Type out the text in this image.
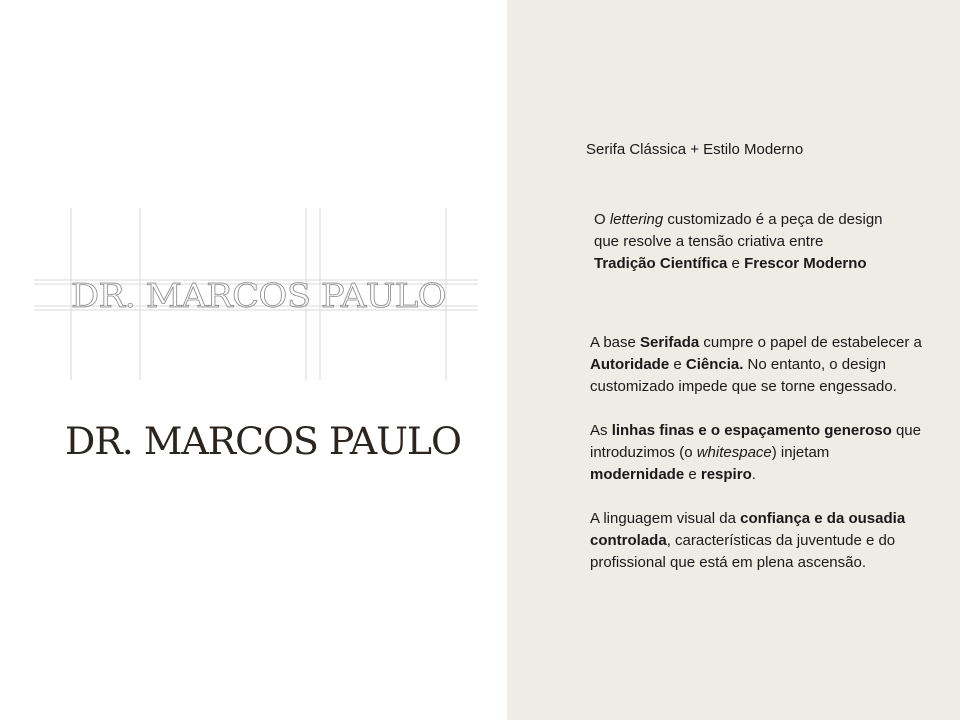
DR. MARCOS PAULO
DR. MARCOS PAULO
Serifa Clássica + Estilo Moderno
O lettering customizado é a peça de design que resolve a tensão criativa entre Tradição Científica e Frescor Moderno
A base Serifada cumpre o papel de estabelecer a Autoridade e Ciência. No entanto, o design customizado impede que se torne engessado.
As linhas finas e o espaçamento generoso que introduzimos (o whitespace) injetam modernidade e respiro.
A linguagem visual da confiança e da ousadia controlada, características da juventude e do profissional que está em plena ascensão.
